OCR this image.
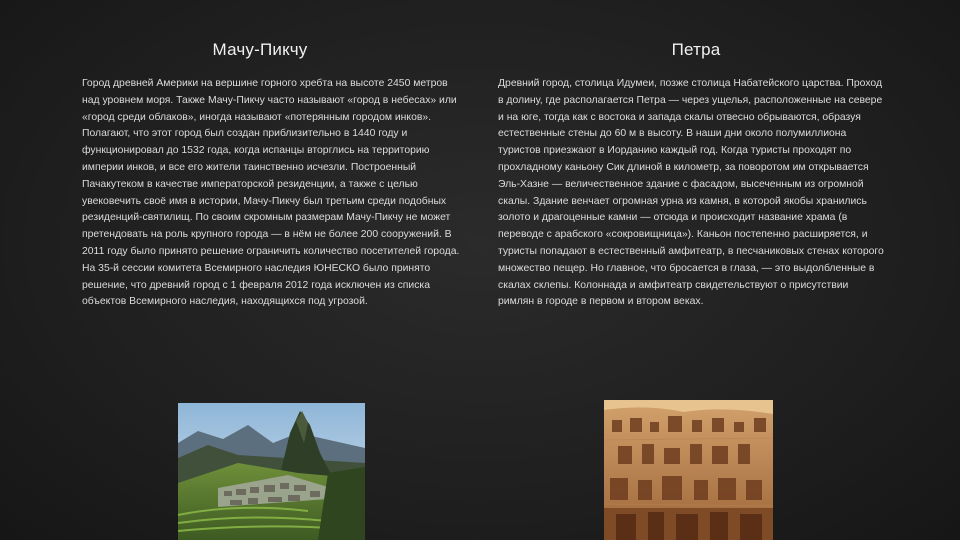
Мачу-Пикчу

Город древней Америки на вершине горного хребта на высоте 2450 метров над уровнем моря. Также Мачу-Пикчу часто называют «город в небесах» или «город среди облаков», иногда называют «потерянным городом инков». Полагают, что этот город был создан приблизительно в 1440 году и функционировал до 1532 года, когда испанцы вторглись на территорию империи инков, и все его жители таинственно исчезли. Построенный Пачакутеком в качестве императорской резиденции, а также с целью увековечить своё имя в истории, Мачу-Пикчу был третьим среди подобных резиденций-святилищ. По своим скромным размерам Мачу-Пикчу не может претендовать на роль крупного города — в нём не более 200 сооружений. В 2011 году было принято решение ограничить количество посетителей города. На 35-й сессии комитета Всемирного наследия ЮНЕСКО было принято решение, что древний город с 1 февраля 2012 года исключен из списка объектов Всемирного наследия, находящихся под угрозой.

Петра

Древний город, столица Идумеи, позже столица Набатейского царства. Проход в долину, где располагается Петра — через ущелья, расположенные на севере и на юге, тогда как с востока и запада скалы отвесно обрываются, образуя естественные стены до 60 м в высоту. В наши дни около полумиллиона туристов приезжают в Иорданию каждый год. Когда туристы проходят по прохладному каньону Сик длиной в километр, за поворотом им открывается Эль-Хазне — величественное здание с фасадом, высеченным из огромной скалы. Здание венчает огромная урна из камня, в которой якобы хранились золото и драгоценные камни — отсюда и происходит название храма (в переводе с арабского «сокровищница»). Каньон постепенно расширяется, и туристы попадают в естественный амфитеатр, в песчаниковых стенах которого множество пещер. Но главное, что бросается в глаза, — это выдолбленные в скалах склепы. Колоннада и амфитеатр свидетельствуют о присутствии римлян в городе в первом и втором веках.
